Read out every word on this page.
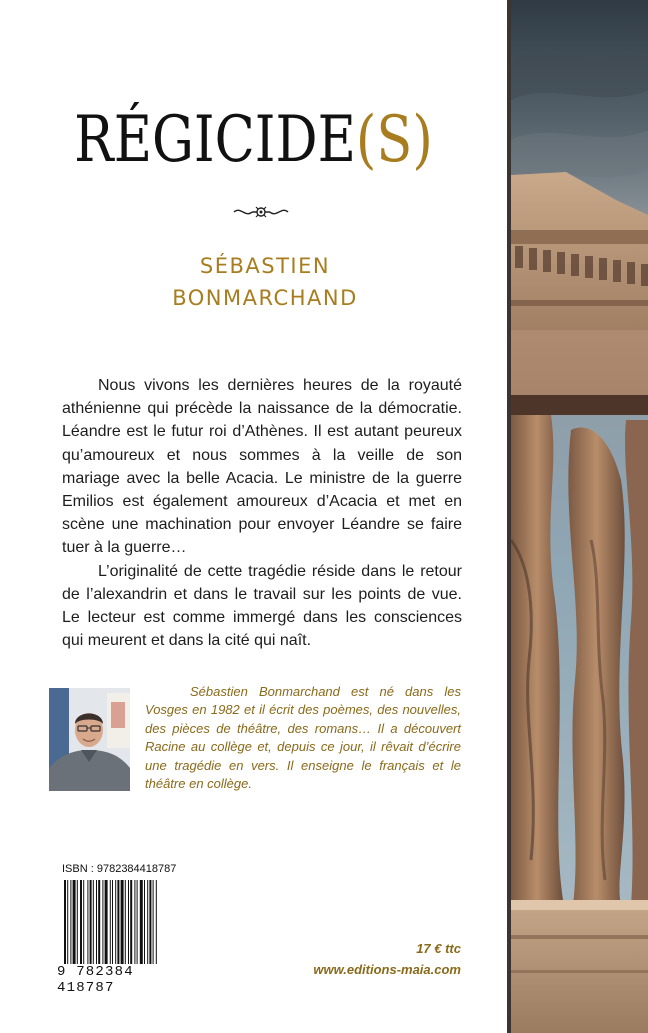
RÉGICIDE(S)
SÉBASTIEN
BONMARCHAND

Nous vivons les dernières heures de la royauté athénienne qui précède la naissance de la démocratie. Léandre est le futur roi d’Athènes. Il est autant peureux qu’amoureux et nous sommes à la veille de son mariage avec la belle Acacia. Le ministre de la guerre Emilios est également amoureux d’Acacia et met en scène une machination pour envoyer Léandre se faire tuer à la guerre…

L’originalité de cette tragédie réside dans le retour de l’alexandrin et dans le travail sur les points de vue. Le lecteur est comme immergé dans les consciences qui meurent et dans la cité qui naît.

Sébastien Bonmarchand est né dans les Vosges en 1982 et il écrit des poèmes, des nouvelles, des pièces de théâtre, des romans… Il a découvert Racine au collège et, depuis ce jour, il rêvait d’écrire une tragédie en vers. Il enseigne le français et le théâtre en collège.

ISBN : 9782384418787
9 782384 418787
17 € ttc
www.editions-maia.com
